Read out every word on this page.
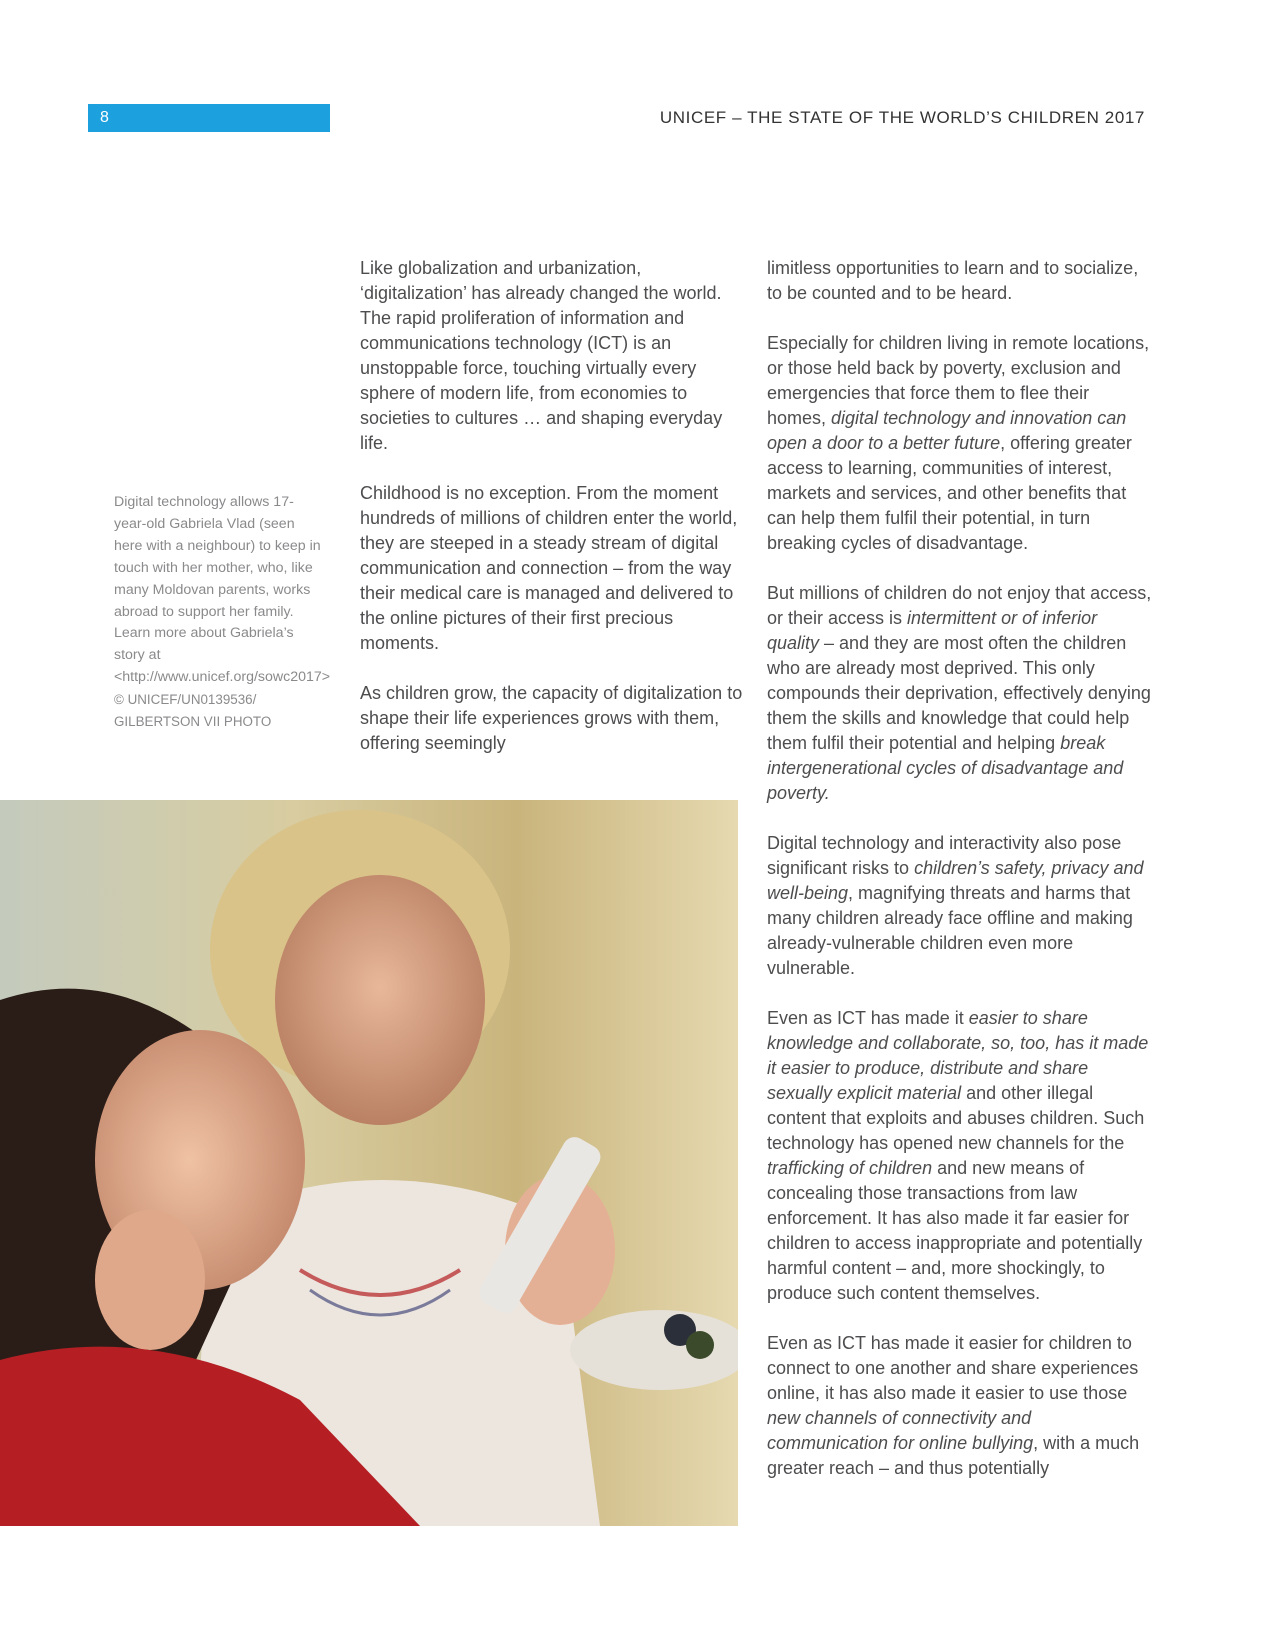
8	UNICEF – THE STATE OF THE WORLD’S CHILDREN 2017

Digital technology allows 17-year-old Gabriela Vlad (seen here with a neighbour) to keep in touch with her mother, who, like many Moldovan parents, works abroad to support her family. Learn more about Gabriela’s story at <http://www.unicef.org/sowc2017>

© UNICEF/UN0139536/ GILBERTSON VII PHOTO

Like globalization and urbanization, ‘digitalization’ has already changed the world. The rapid proliferation of information and communications technology (ICT) is an unstoppable force, touching virtually every sphere of modern life, from economies to societies to cultures … and shaping everyday life.

Childhood is no exception. From the moment hundreds of millions of children enter the world, they are steeped in a steady stream of digital communication and connection – from the way their medical care is managed and delivered to the online pictures of their first precious moments.

As children grow, the capacity of digitalization to shape their life experiences grows with them, offering seemingly

limitless opportunities to learn and to socialize, to be counted and to be heard.

Especially for children living in remote locations, or those held back by poverty, exclusion and emergencies that force them to flee their homes, digital technology and innovation can open a door to a better future, offering greater access to learning, communities of interest, markets and services, and other benefits that can help them fulfil their potential, in turn breaking cycles of disadvantage.

But millions of children do not enjoy that access, or their access is intermittent or of inferior quality – and they are most often the children who are already most deprived. This only compounds their deprivation, effectively denying them the skills and knowledge that could help them fulfil their potential and helping break intergenerational cycles of disadvantage and poverty.

Digital technology and interactivity also pose significant risks to children’s safety, privacy and well-being, magnifying threats and harms that many children already face offline and making already-vulnerable children even more vulnerable.

Even as ICT has made it easier to share knowledge and collaborate, so, too, has it made it easier to produce, distribute and share sexually explicit material and other illegal content that exploits and abuses children. Such technology has opened new channels for the trafficking of children and new means of concealing those transactions from law enforcement. It has also made it far easier for children to access inappropriate and potentially harmful content – and, more shockingly, to produce such content themselves.

Even as ICT has made it easier for children to connect to one another and share experiences online, it has also made it easier to use those new channels of connectivity and communication for online bullying, with a much greater reach – and thus potentially
